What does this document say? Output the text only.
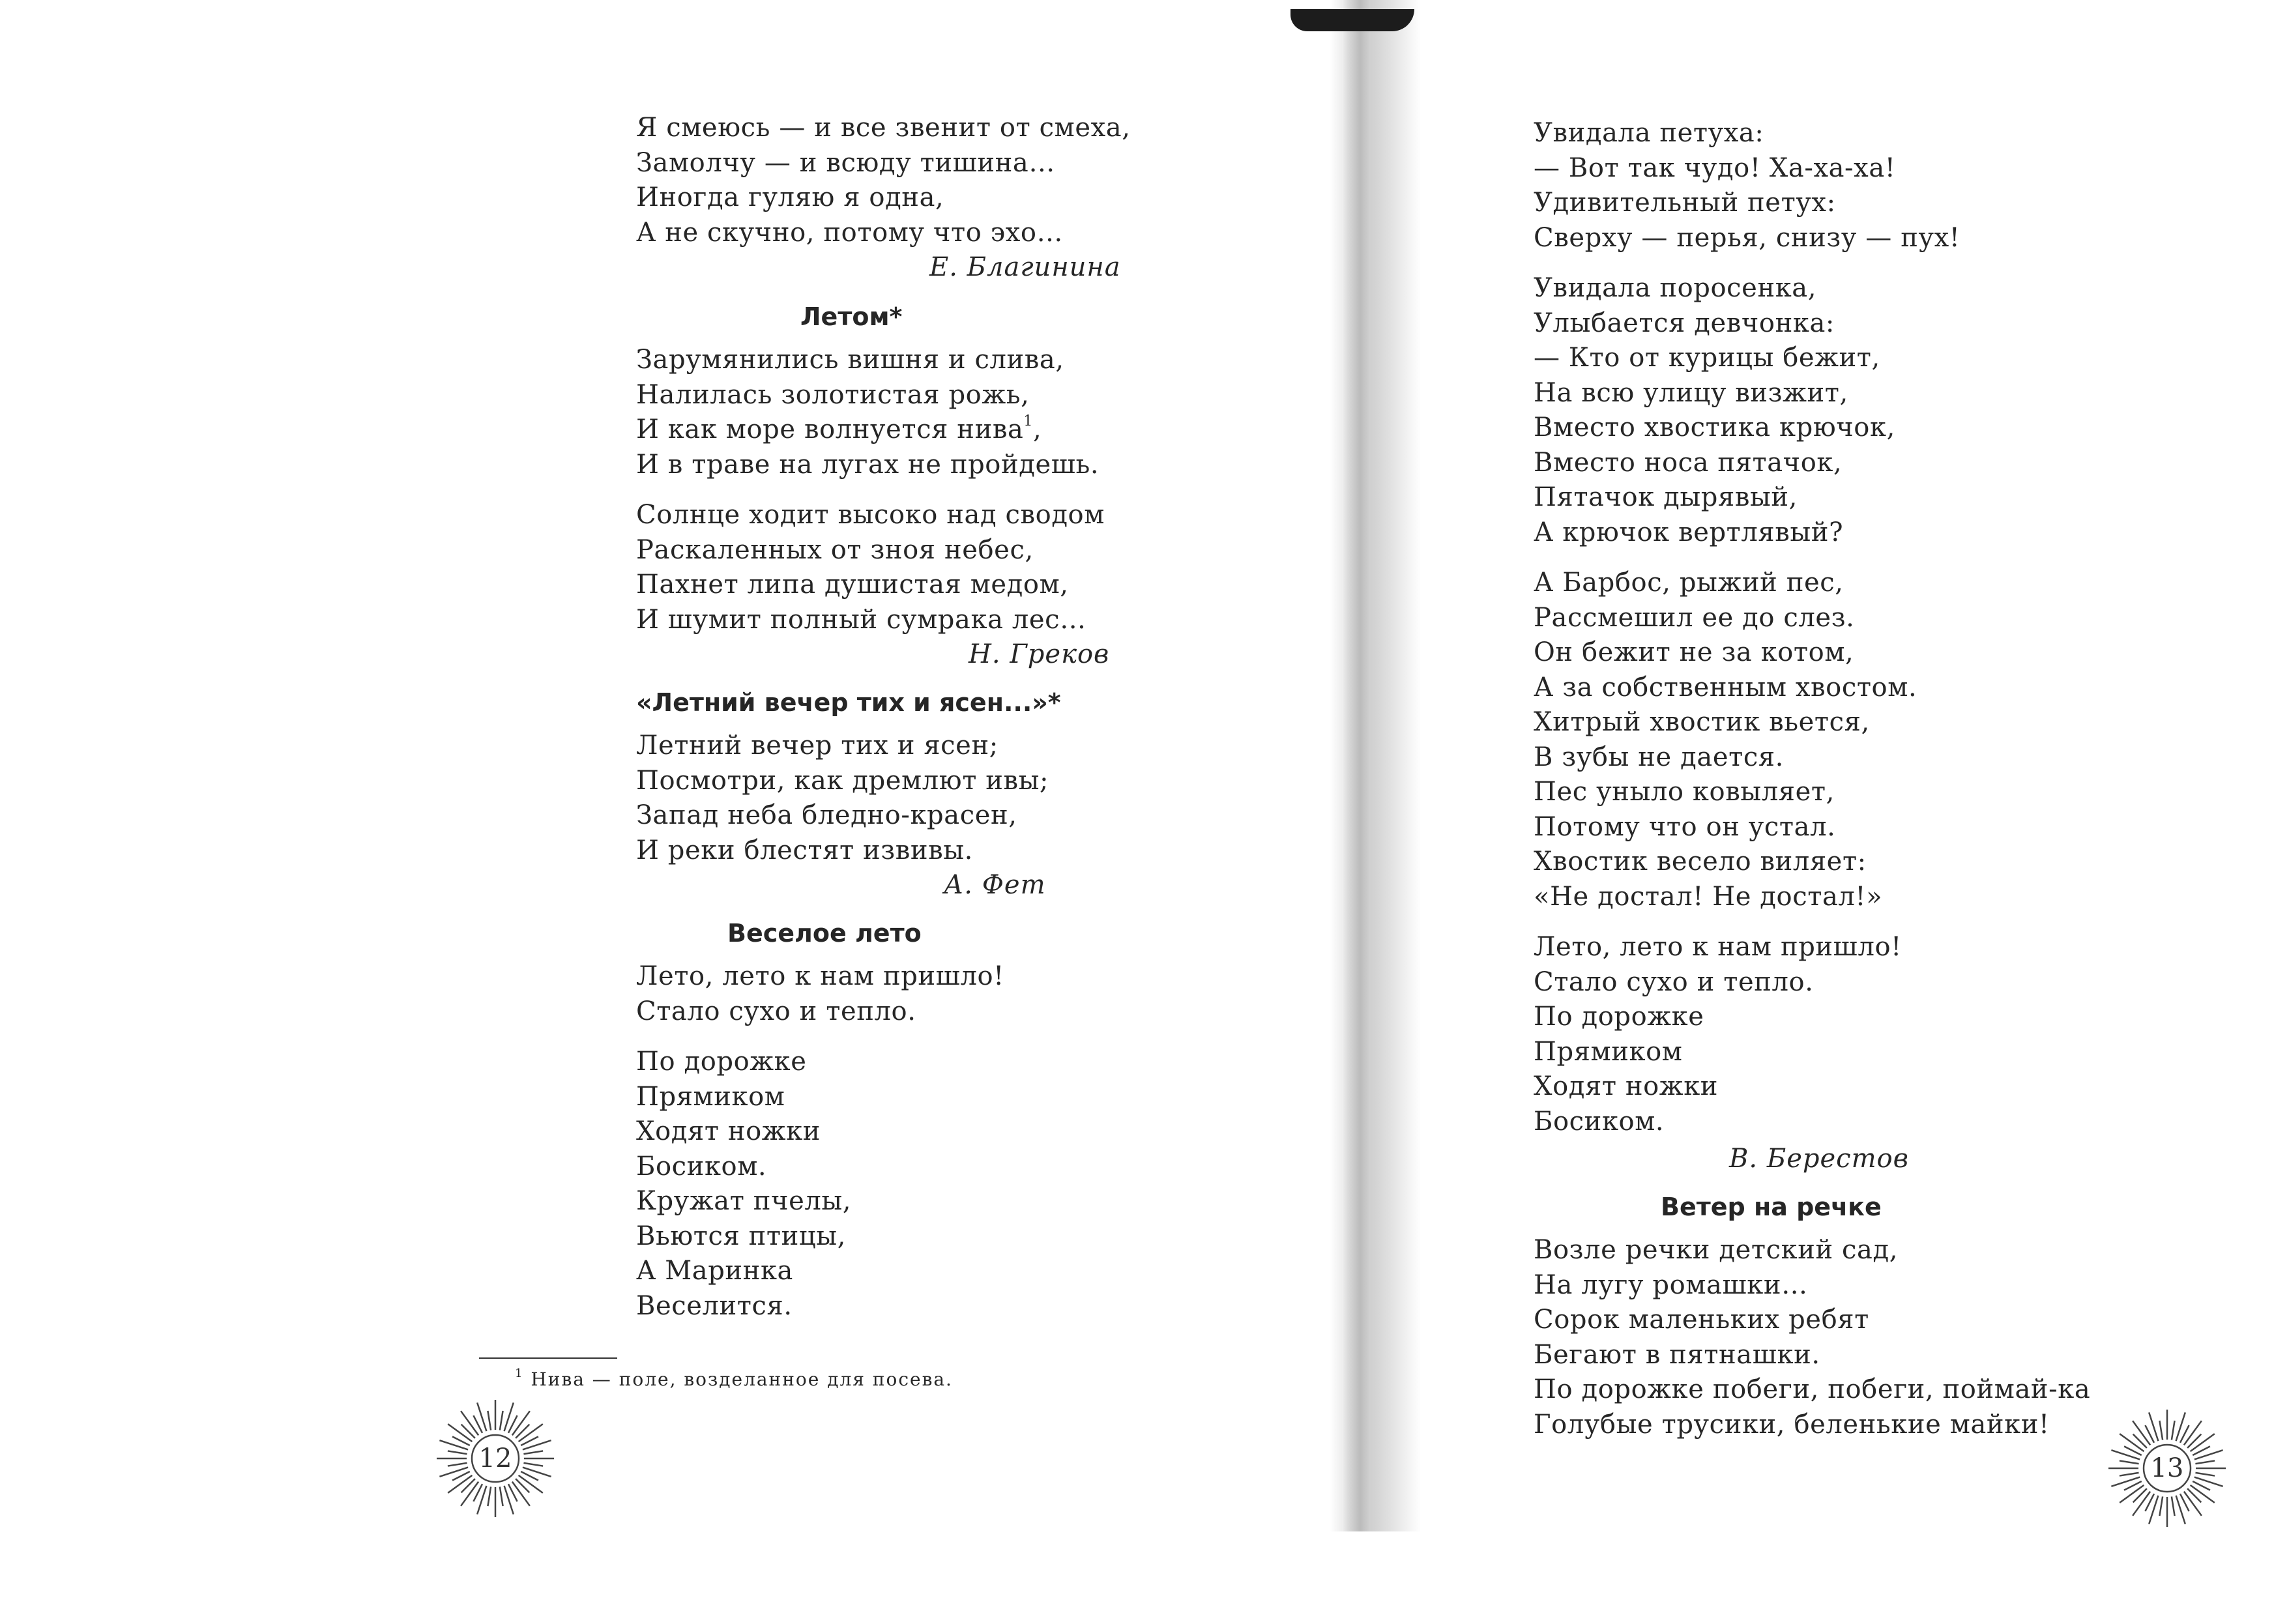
Я смеюсь — и все звенит от смеха,
Замолчу — и всюду тишина…
Иногда гуляю я одна,
А не скучно, потому что эхо…
Е. Благинина
Летом*
Зарумянились вишня и слива,
Налилась золотистая рожь,
И как море волнуется нива$^1$,
И в траве на лугах не пройдешь.
Солнце ходит высоко над сводом
Раскаленных от зноя небес,
Пахнет липа душистая медом,
И шумит полный сумрака лес…
Н. Греков
«Летний вечер тих и ясен...»*
Летний вечер тих и ясен;
Посмотри, как дремлют ивы;
Запад неба бледно-красен,
И реки блестят извивы.
А. Фет
Веселое лето
Лето, лето к нам пришло!
Стало сухо и тепло.
По дорожке
Прямиком
Ходят ножки
Босиком.
Кружат пчелы,
Вьются птицы,
А Маринка
Веселится.
$^1$ Нива — поле, возделанное для посева.
12
Увидала петуха:
— Вот так чудо! Ха-ха-ха!
Удивительный петух:
Сверху — перья, снизу — пух!
Увидала поросенка,
Улыбается девчонка:
— Кто от курицы бежит,
На всю улицу визжит,
Вместо хвостика крючок,
Вместо носа пятачок,
Пятачок дырявый,
А крючок вертлявый?
А Барбос, рыжий пес,
Рассмешил ее до слез.
Он бежит не за котом,
А за собственным хвостом.
Хитрый хвостик вьется,
В зубы не дается.
Пес уныло ковыляет,
Потому что он устал.
Хвостик весело виляет:
«Не достал! Не достал!»
Лето, лето к нам пришло!
Стало сухо и тепло.
По дорожке
Прямиком
Ходят ножки
Босиком.
В. Берестов
Ветер на речке
Возле речки детский сад,
На лугу ромашки…
Сорок маленьких ребят
Бегают в пятнашки.
По дорожке побеги, побеги, поймай-ка
Голубые трусики, беленькие майки!
13
